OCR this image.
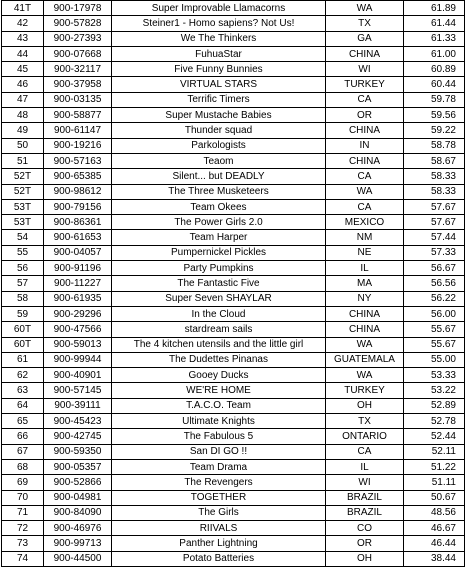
41T	900-17978	Super Improvable Llamacorns	WA	61.89
42	900-57828	Steiner1 - Homo sapiens? Not Us!	TX	61.44
43	900-27393	We The Thinkers	GA	61.33
44	900-07668	FuhuaStar	CHINA	61.00
45	900-32117	Five Funny Bunnies	WI	60.89
46	900-37958	VIRTUAL STARS	TURKEY	60.44
47	900-03135	Terrific Timers	CA	59.78
48	900-58877	Super Mustache Babies	OR	59.56
49	900-61147	Thunder squad	CHINA	59.22
50	900-19216	Parkologists	IN	58.78
51	900-57163	Teaom	CHINA	58.67
52T	900-65385	Silent... but DEADLY	CA	58.33
52T	900-98612	The Three Musketeers	WA	58.33
53T	900-79156	Team Okees	CA	57.67
53T	900-86361	The Power Girls 2.0	MEXICO	57.67
54	900-61653	Team Harper	NM	57.44
55	900-04057	Pumpernickel Pickles	NE	57.33
56	900-91196	Party Pumpkins	IL	56.67
57	900-11227	The Fantastic Five	MA	56.56
58	900-61935	Super Seven SHAYLAR	NY	56.22
59	900-29296	In the Cloud	CHINA	56.00
60T	900-47566	stardream sails	CHINA	55.67
60T	900-59013	The 4 kitchen utensils and the little girl	WA	55.67
61	900-99944	The Dudettes Pinanas	GUATEMALA	55.00
62	900-40901	Gooey Ducks	WA	53.33
63	900-57145	WE'RE HOME	TURKEY	53.22
64	900-39111	T.A.C.O. Team	OH	52.89
65	900-45423	Ultimate Knights	TX	52.78
66	900-42745	The Fabulous 5	ONTARIO	52.44
67	900-59350	San DI GO !!	CA	52.11
68	900-05357	Team Drama	IL	51.22
69	900-52866	The Revengers	WI	51.11
70	900-04981	TOGETHER	BRAZIL	50.67
71	900-84090	The Girls	BRAZIL	48.56
72	900-46976	RIIVALS	CO	46.67
73	900-99713	Panther Lightning	OR	46.44
74	900-44500	Potato Batteries	OH	38.44
